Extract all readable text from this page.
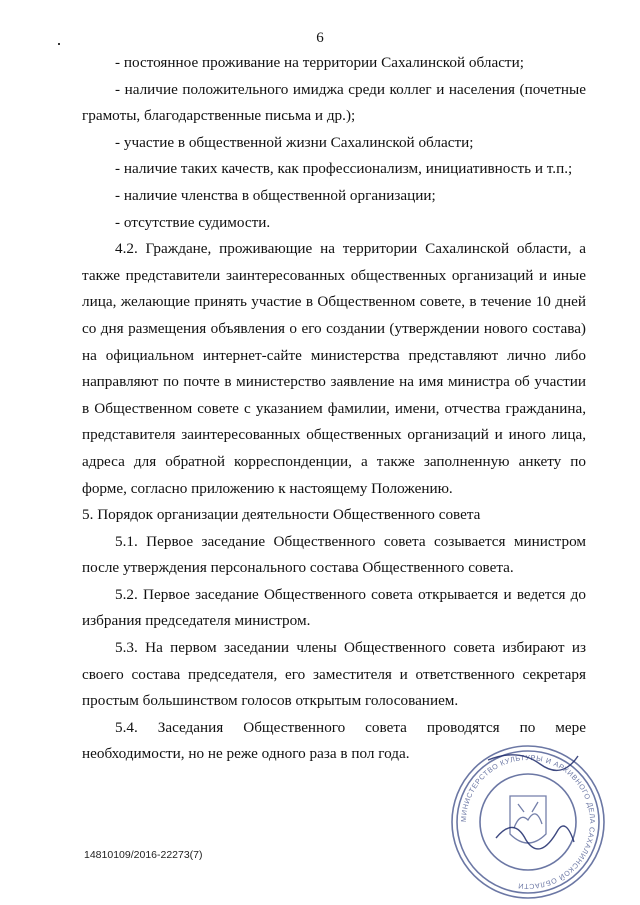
6

- постоянное проживание на территории Сахалинской области;

- наличие положительного имиджа среди коллег и населения (почетные грамоты, благодарственные письма и др.);

- участие в общественной жизни Сахалинской области;

- наличие таких качеств, как профессионализм, инициативность и т.п.;

- наличие членства в общественной организации;

- отсутствие судимости.

4.2. Граждане, проживающие на территории Сахалинской области, а также представители заинтересованных общественных организаций и иные лица, желающие принять участие в Общественном совете, в течение 10 дней со дня размещения объявления о его создании (утверждении нового состава) на официальном интернет-сайте министерства представляют лично либо направляют по почте в министерство заявление на имя министра об участии в Общественном совете с указанием фамилии, имени, отчества гражданина, представителя заинтересованных общественных организаций и иного лица, адреса для обратной корреспонденции, а также заполненную анкету по форме, согласно приложению к настоящему Положению.

5. Порядок организации деятельности Общественного совета

5.1. Первое заседание Общественного совета созывается министром после утверждения персонального состава Общественного совета.

5.2. Первое заседание Общественного совета открывается и ведется до избрания председателя министром.

5.3. На первом заседании члены Общественного совета избирают из своего состава председателя, его заместителя и ответственного секретаря простым большинством голосов открытым голосованием.

5.4. Заседания Общественного совета проводятся по мере необходимости, но не реже одного раза в пол года.

14810109/2016-22273(7)
МИНИСТЕРСТВО КУЛЬТУРЫ И АРХИВНОГО ДЕЛА САХАЛИНСКОЙ ОБЛАСТИ
